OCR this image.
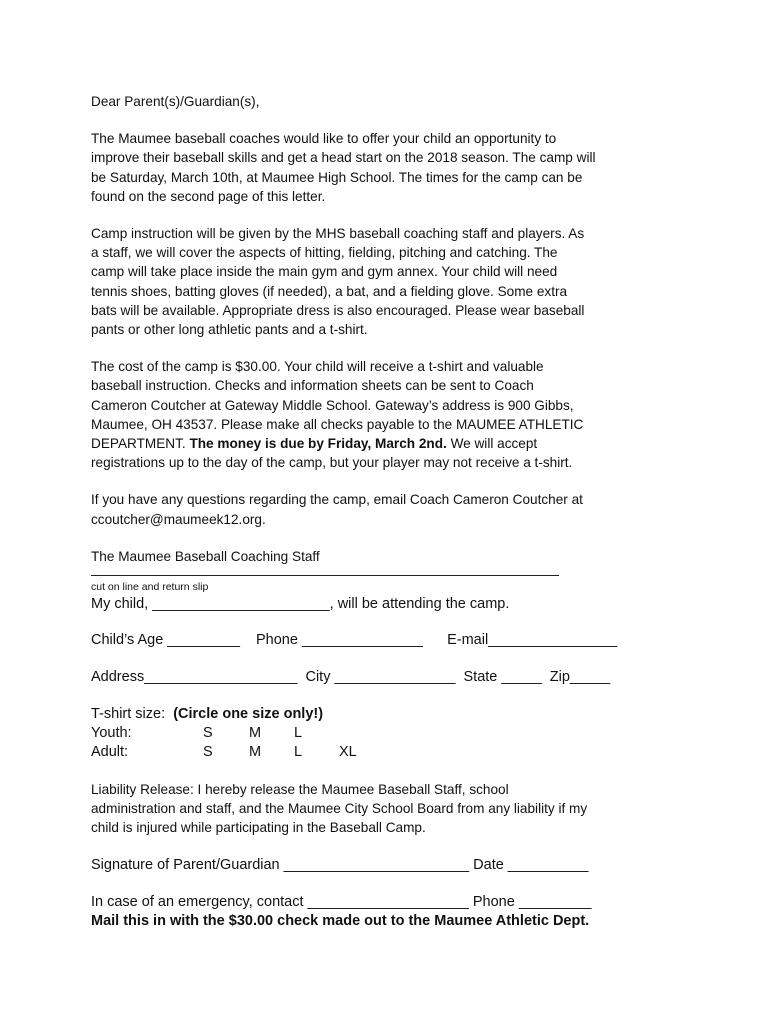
Dear Parent(s)/Guardian(s),

The Maumee baseball coaches would like to offer your child an opportunity to
improve their baseball skills and get a head start on the 2018 season. The camp will
be Saturday, March 10th, at Maumee High School. The times for the camp can be
found on the second page of this letter.

Camp instruction will be given by the MHS baseball coaching staff and players. As
a staff, we will cover the aspects of hitting, fielding, pitching and catching. The
camp will take place inside the main gym and gym annex. Your child will need
tennis shoes, batting gloves (if needed), a bat, and a fielding glove. Some extra
bats will be available. Appropriate dress is also encouraged. Please wear baseball
pants or other long athletic pants and a t-shirt.

The cost of the camp is $30.00. Your child will receive a t-shirt and valuable
baseball instruction. Checks and information sheets can be sent to Coach
Cameron Coutcher at Gateway Middle School. Gateway’s address is 900 Gibbs,
Maumee, OH 43537. Please make all checks payable to the MAUMEE ATHLETIC
DEPARTMENT. The money is due by Friday, March 2nd. We will accept
registrations up to the day of the camp, but your player may not receive a t-shirt.

If you have any questions regarding the camp, email Coach Cameron Coutcher at
ccoutcher@maumeek12.org.

The Maumee Baseball Coaching Staff

cut on line and return slip

My child, ______________________, will be attending the camp.

Child’s Age _________    Phone _______________      E-mail________________

Address___________________  City _______________  State _____  Zip_____

T-shirt size:  (Circle one size only!)

Youth:	S	M L
Adult:	S	M L	XL

Liability Release: I hereby release the Maumee Baseball Staff, school
administration and staff, and the Maumee City School Board from any liability if my
child is injured while participating in the Baseball Camp.

Signature of Parent/Guardian _______________________ Date __________

In case of an emergency, contact ____________________ Phone _________

Mail this in with the $30.00 check made out to the Maumee Athletic Dept.
